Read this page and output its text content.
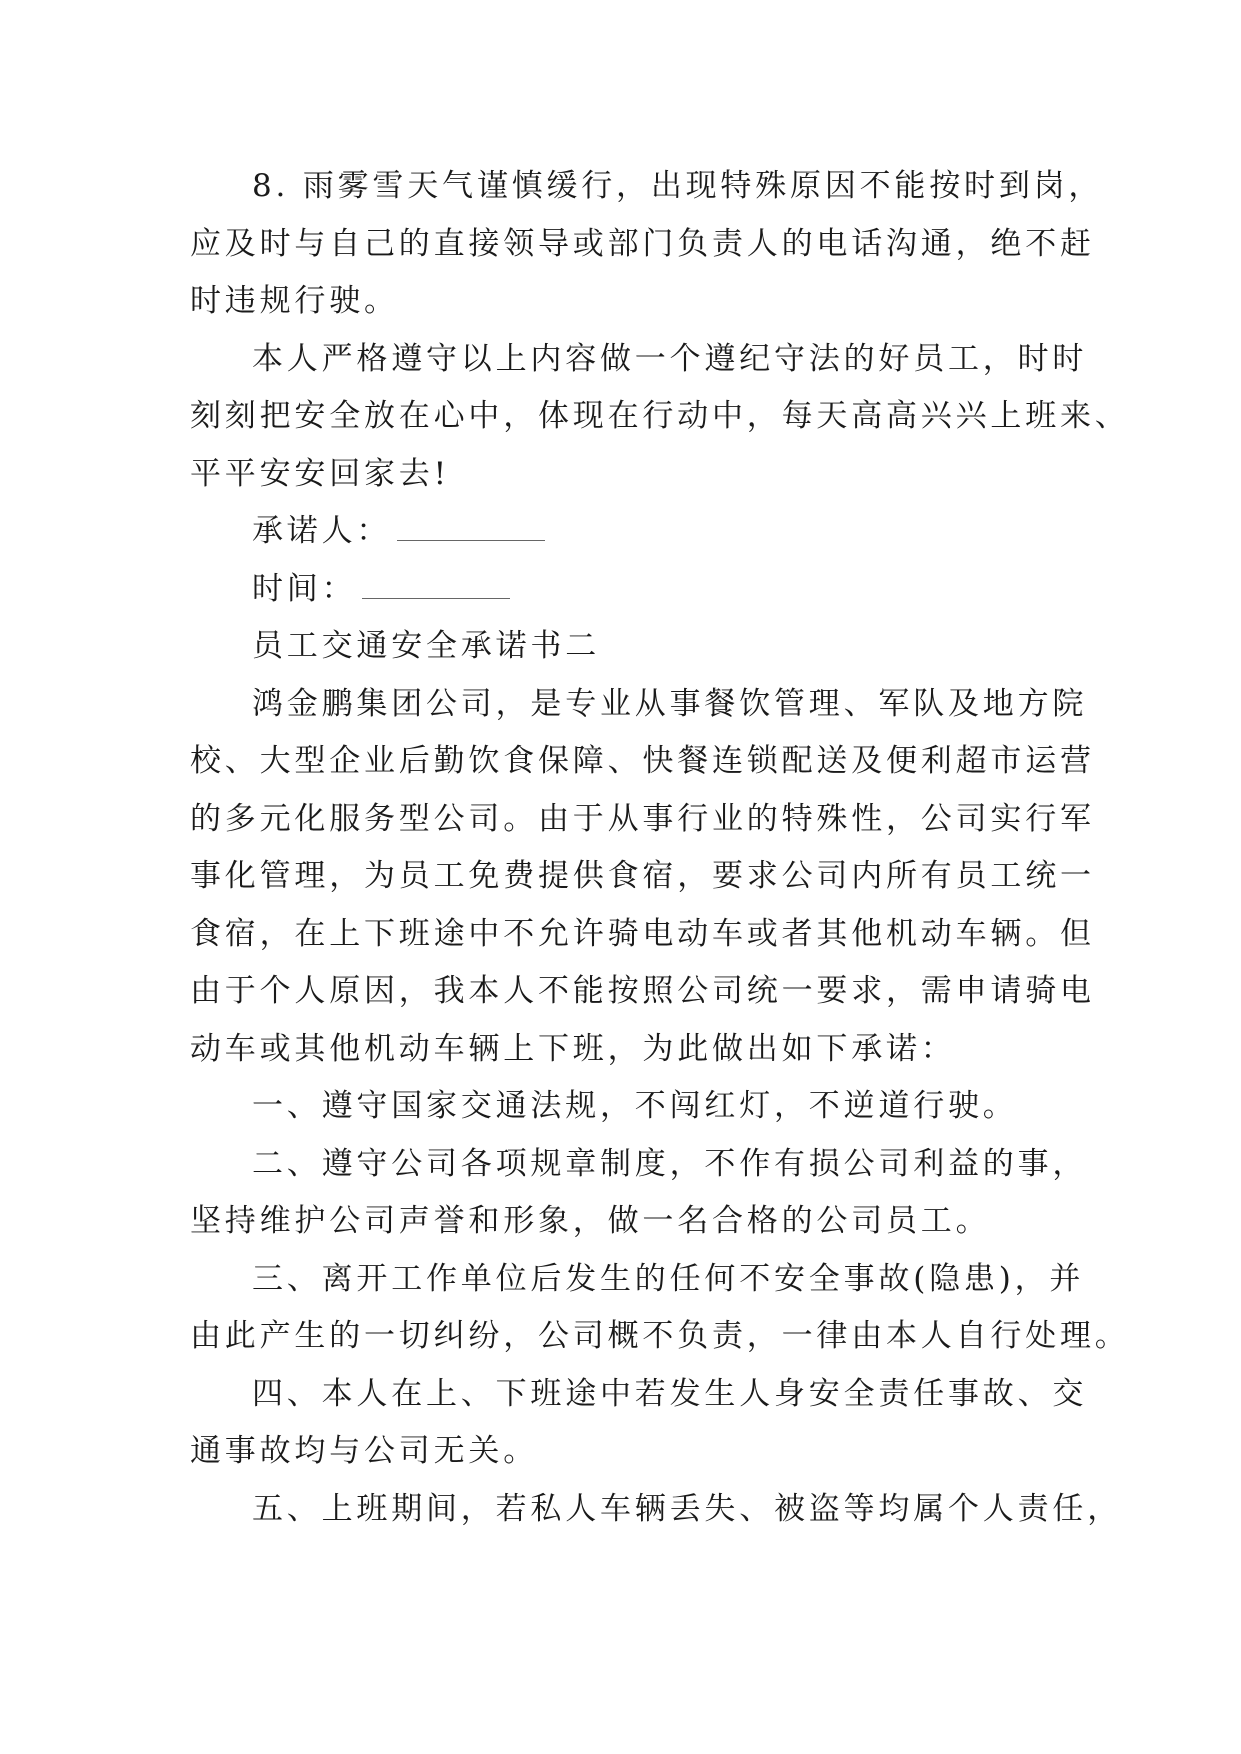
8. 雨雾雪天气谨慎缓行，出现特殊原因不能按时到岗，
应及时与自己的直接领导或部门负责人的电话沟通，绝不赶
时违规行驶。
本人严格遵守以上内容做一个遵纪守法的好员工，时时
刻刻把安全放在心中，体现在行动中，每天高高兴兴上班来、
平平安安回家去!
承诺人：
时间：
员工交通安全承诺书二
鸿金鹏集团公司，是专业从事餐饮管理、军队及地方院
校、大型企业后勤饮食保障、快餐连锁配送及便利超市运营
的多元化服务型公司。由于从事行业的特殊性，公司实行军
事化管理，为员工免费提供食宿，要求公司内所有员工统一
食宿，在上下班途中不允许骑电动车或者其他机动车辆。但
由于个人原因，我本人不能按照公司统一要求，需申请骑电
动车或其他机动车辆上下班，为此做出如下承诺：
一、遵守国家交通法规，不闯红灯，不逆道行驶。
二、遵守公司各项规章制度，不作有损公司利益的事，
坚持维护公司声誉和形象，做一名合格的公司员工。
三、离开工作单位后发生的任何不安全事故(隐患)，并
由此产生的一切纠纷，公司概不负责，一律由本人自行处理。
四、本人在上、下班途中若发生人身安全责任事故、交
通事故均与公司无关。
五、上班期间，若私人车辆丢失、被盗等均属个人责任，
